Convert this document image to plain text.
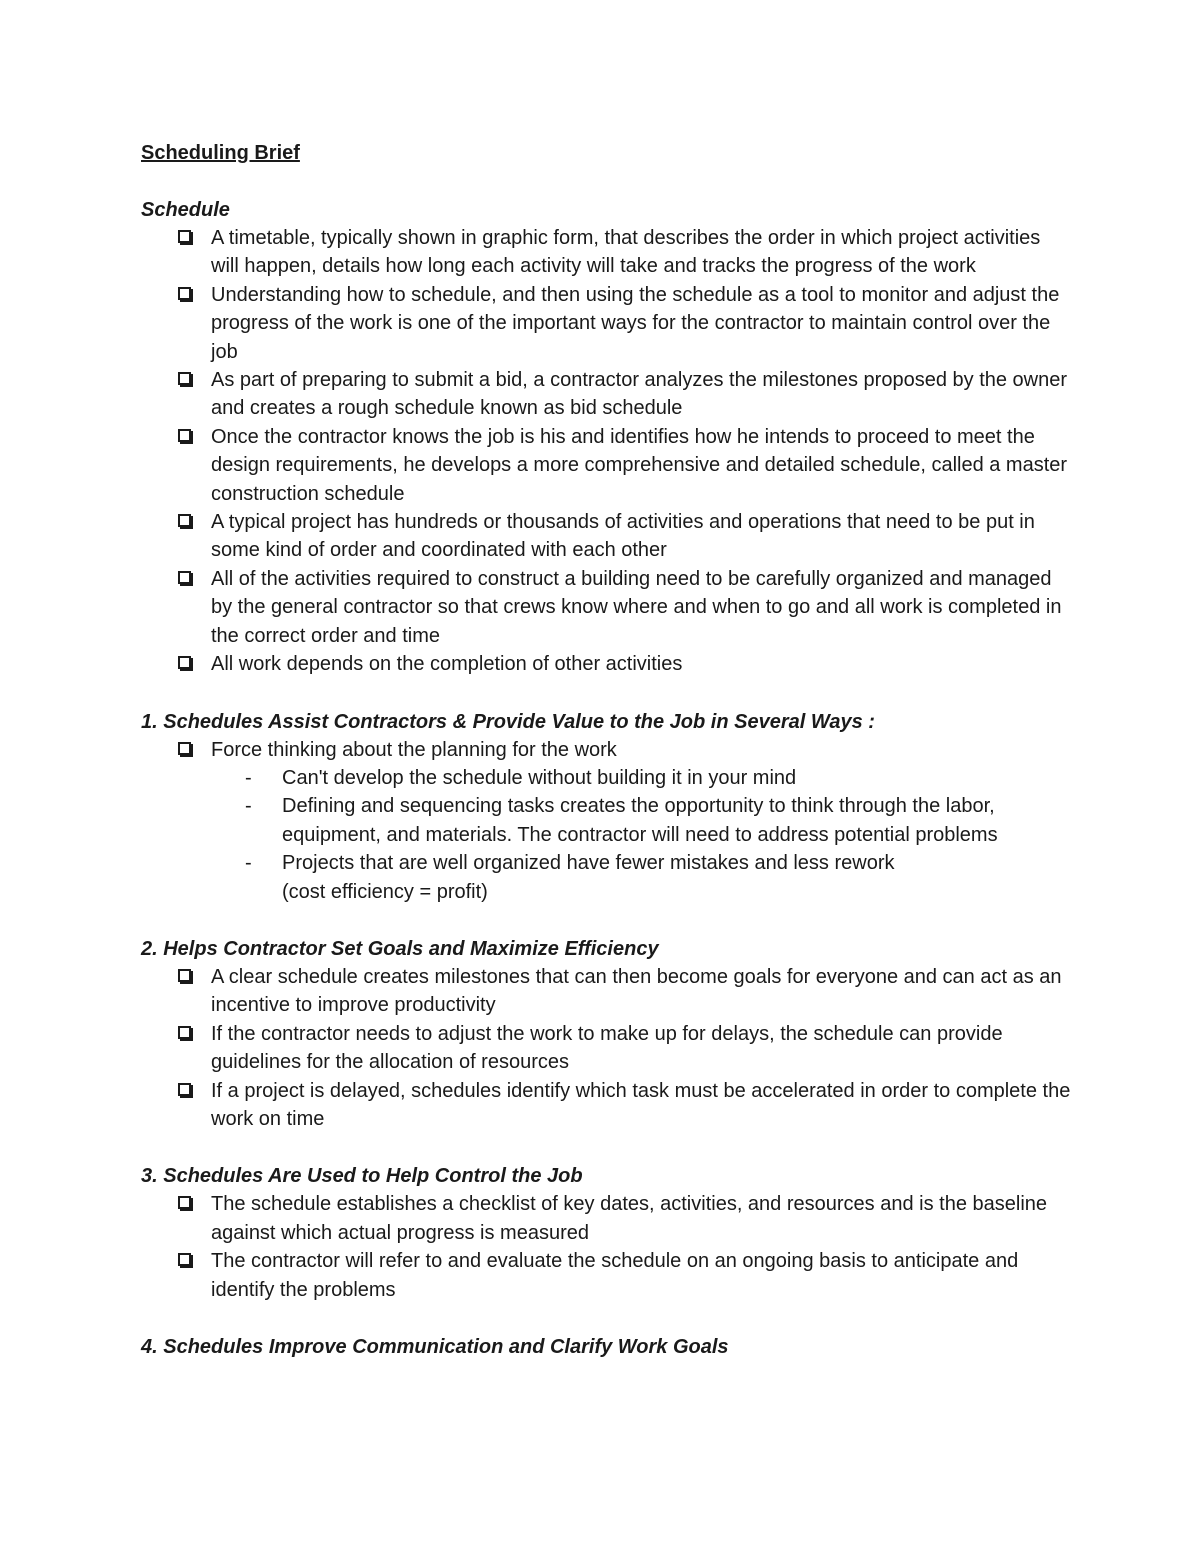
Scheduling Brief
Schedule
A timetable, typically shown in graphic form, that describes the order in which project activities will happen, details how long each activity will take and tracks the progress of the work
Understanding how to schedule, and then using the schedule as a tool to monitor and adjust the progress of the work is one of the important ways for the contractor to maintain control over the job
As part of preparing to submit a bid, a contractor analyzes the milestones proposed by the owner and creates a rough schedule known as bid schedule
Once the contractor knows the job is his and identifies how he intends to proceed to meet the design requirements, he develops a more comprehensive and detailed schedule, called a master construction schedule
A typical project has hundreds or thousands of activities and operations that need to be put in some kind of order and coordinated with each other
All of the activities required to construct a building need to be carefully organized and managed by the general contractor so that crews know where and when to go and all work is completed in the correct order and time
All work depends on the completion of other activities
1. Schedules Assist Contractors & Provide Value to the Job in Several Ways :
Force thinking about the planning for the work
- Can't develop the schedule without building it in your mind
- Defining and sequencing tasks creates the opportunity to think through the labor, equipment, and materials. The contractor will need to address potential problems
- Projects that are well organized have fewer mistakes and less rework
(cost efficiency = profit)
2. Helps Contractor Set Goals and Maximize Efficiency
A clear schedule creates milestones that can then become goals for everyone and can act as an incentive to improve productivity
If the contractor needs to adjust the work to make up for delays, the schedule can provide guidelines for the allocation of resources
If a project is delayed, schedules identify which task must be accelerated in order to complete the work on time
3. Schedules Are Used to Help Control the Job
The schedule establishes a checklist of key dates, activities, and resources and is the baseline against which actual progress is measured
The contractor will refer to and evaluate the schedule on an ongoing basis to anticipate and identify the problems
4. Schedules Improve Communication and Clarify Work Goals
